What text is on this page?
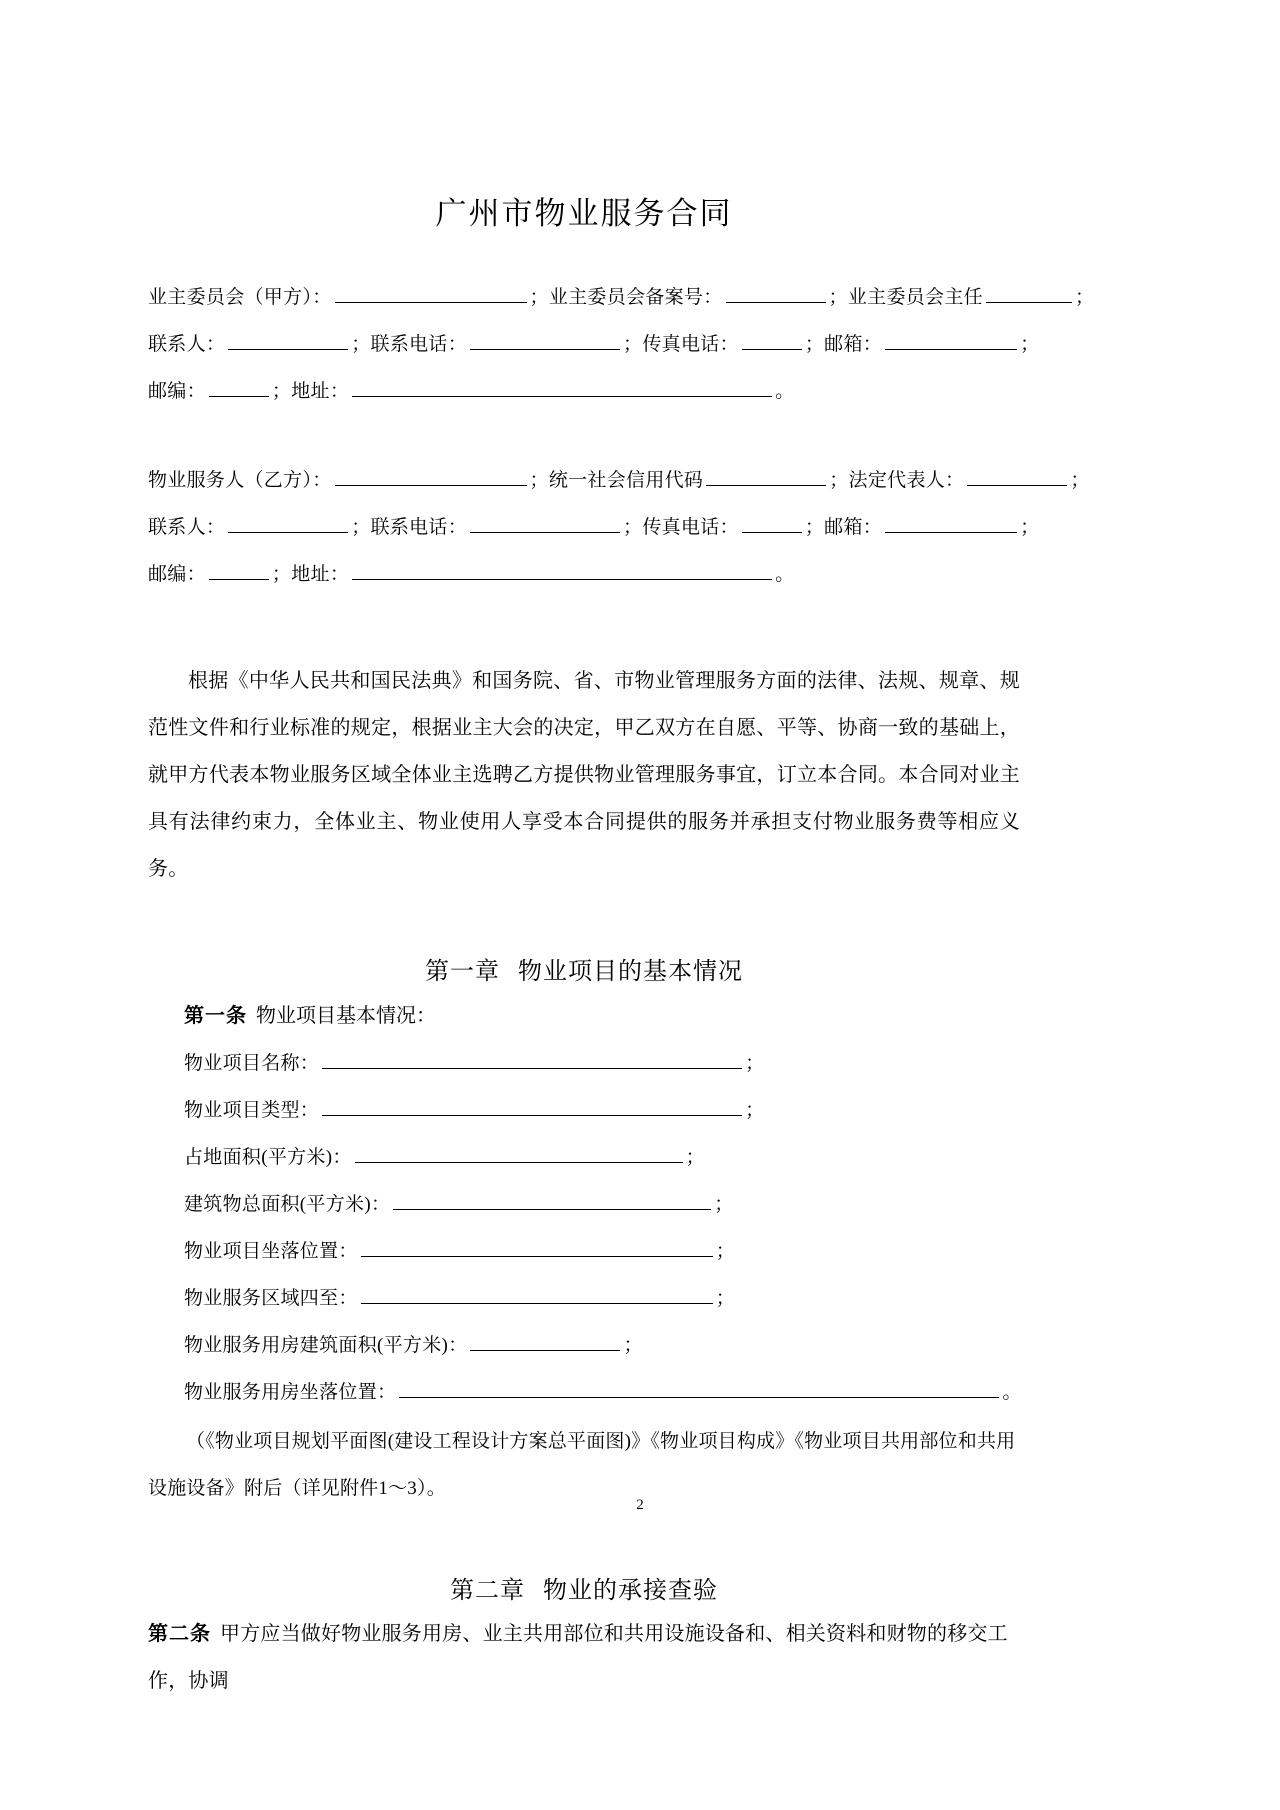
广州市物业服务合同
业主委员会（甲方）：	；业主委员会备案号：	；业主委员会主任	；
联系人：	；联系电话：	；传真电话：	；邮箱：	；
邮编：	；地址：	。
物业服务人（乙方）：	；统一社会信用代码	；法定代表人：	；
联系人：	；联系电话：	；传真电话：	；邮箱：	；
邮编：	；地址：	。

根据《中华人民共和国民法典》和国务院、省、市物业管理服务方面的法律、法规、规章、规范性文件和行业标准的规定，根据业主大会的决定，甲乙双方在自愿、平等、协商一致的基础上，就甲方代表本物业服务区域全体业主选聘乙方提供物业管理服务事宜，订立本合同。本合同对业主具有法律约束力，全体业主、物业使用人享受本合同提供的服务并承担支付物业服务费等相应义务。

第一章 物业项目的基本情况
第一条 物业项目基本情况：
物业项目名称：	；
物业项目类型：	；
占地面积(平方米)：	；
建筑物总面积(平方米)：	；
物业项目坐落位置：	；
物业服务区域四至：	；
物业服务用房建筑面积(平方米)：	；
物业服务用房坐落位置：	。

（《物业项目规划平面图(建设工程设计方案总平面图)》《物业项目构成》《物业项目共用部位和共用设施设备》附后（详见附件1～3）。

第二章 物业的承接查验

第二条 甲方应当做好物业服务用房、业主共用部位和共用设施设备和、相关资料和财物的移交工作，协调

2
